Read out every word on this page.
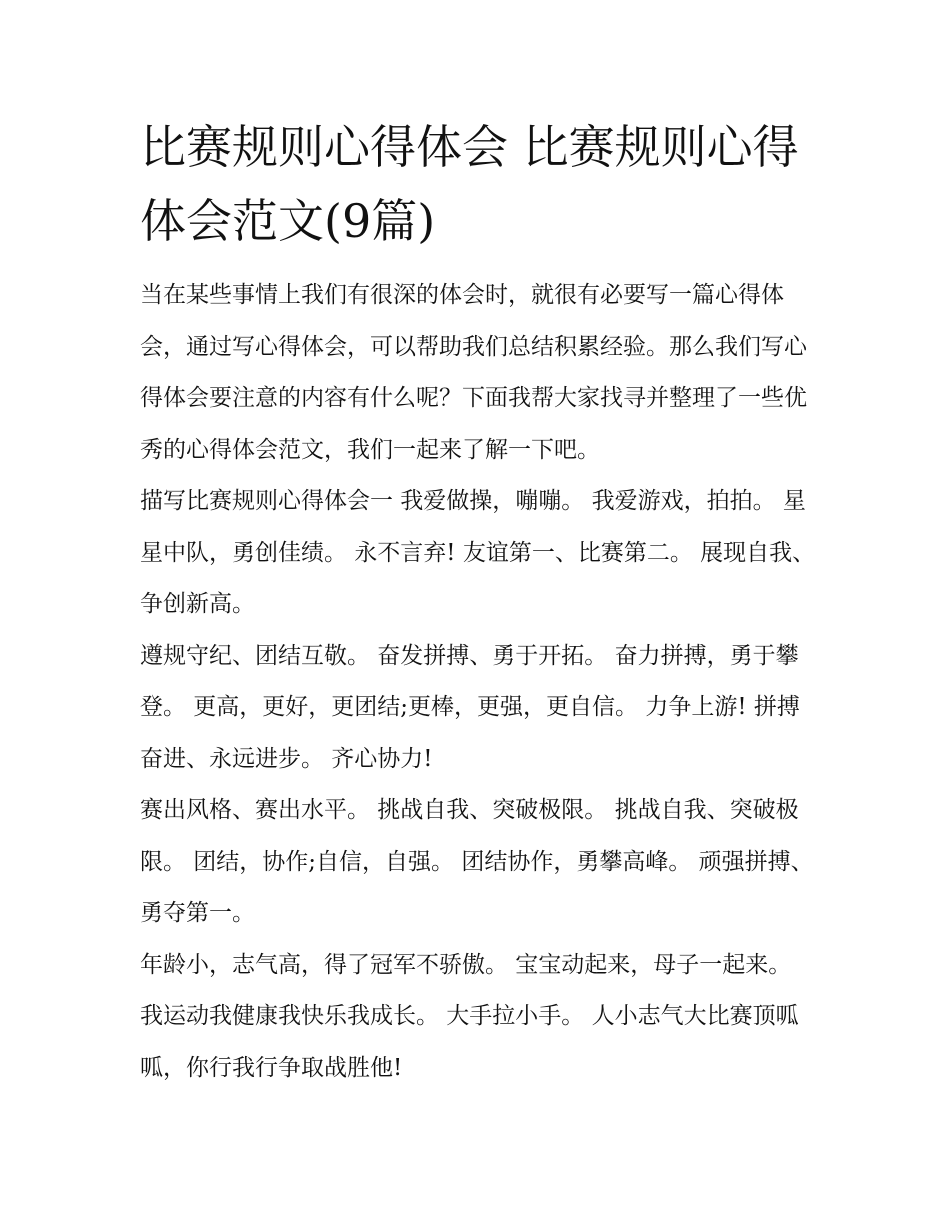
比赛规则心得体会 比赛规则心得体会范文(9篇)

当在某些事情上我们有很深的体会时，就很有必要写一篇心得体会，通过写心得体会，可以帮助我们总结积累经验。那么我们写心得体会要注意的内容有什么呢？下面我帮大家找寻并整理了一些优秀的心得体会范文，我们一起来了解一下吧。

描写比赛规则心得体会一 我爱做操，嘣嘣。 我爱游戏，拍拍。 星星中队，勇创佳绩。 永不言弃! 友谊第一、比赛第二。 展现自我、争创新高。

遵规守纪、团结互敬。 奋发拼搏、勇于开拓。 奋力拼搏，勇于攀登。 更高，更好，更团结;更棒，更强，更自信。 力争上游! 拼搏奋进、永远进步。 齐心协力!

赛出风格、赛出水平。 挑战自我、突破极限。 挑战自我、突破极限。 团结，协作;自信，自强。 团结协作，勇攀高峰。 顽强拼搏、勇夺第一。

年龄小，志气高，得了冠军不骄傲。 宝宝动起来，母子一起来。 我运动我健康我快乐我成长。 大手拉小手。 人小志气大比赛顶呱呱，你行我行争取战胜他!
